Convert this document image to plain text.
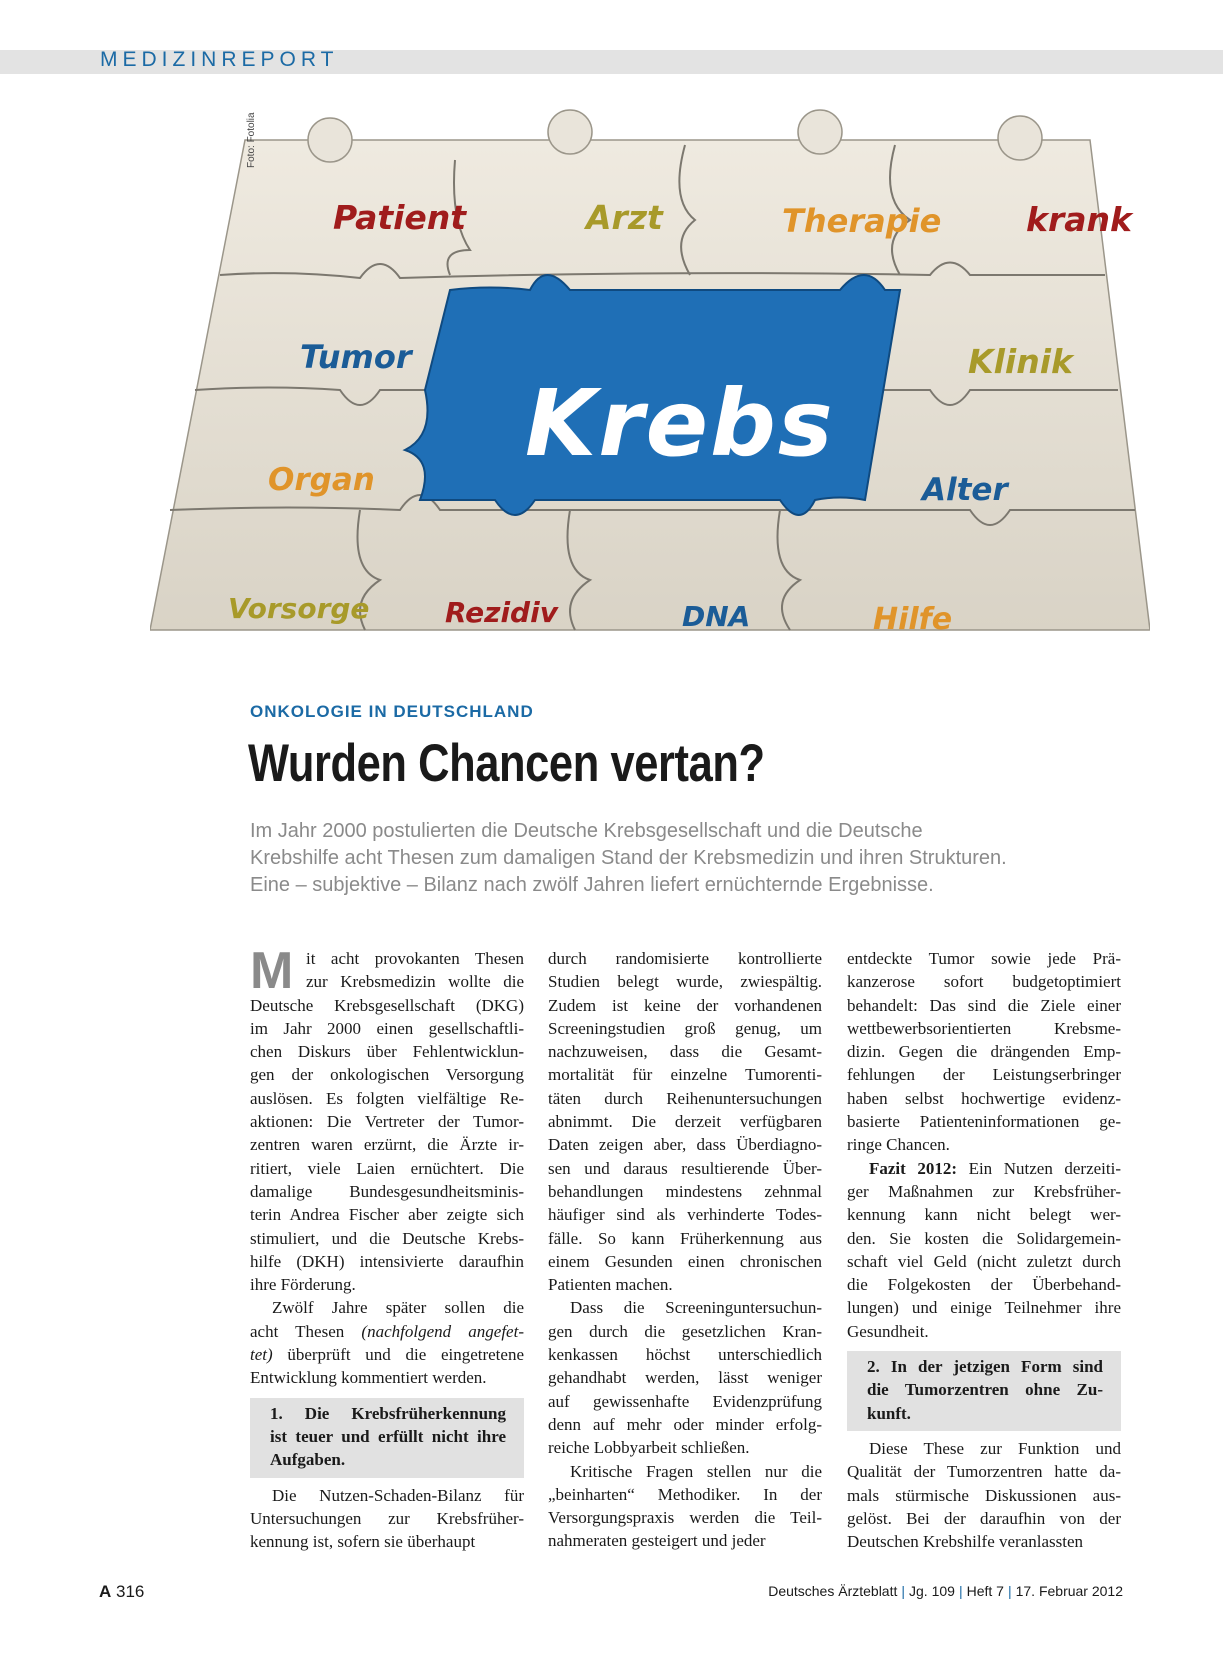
MEDIZINREPORT
Patient	Arzt	Therapie	krank
Tumor	Klinik
Organ	Alter
Vorsorge	Rezidiv	DNA	Hilfe
Krebs
Foto: Fotolia
ONKOLOGIE IN DEUTSCHLAND
Wurden Chancen vertan?
Im Jahr 2000 postulierten die Deutsche Krebsgesellschaft und die Deutsche
Krebshilfe acht Thesen zum damaligen Stand der Krebsmedizin und ihren Strukturen.
Eine – subjektive – Bilanz nach zwölf Jahren liefert ernüchternde Ergebnisse.
M it acht provokanten Thesen
zur Krebsmedizin wollte die
Deutsche Krebsgesellschaft (DKG)
im Jahr 2000 einen gesellschaftli-
chen Diskurs über Fehlentwicklun-
gen der onkologischen Versorgung
auslösen. Es folgten vielfältige Re-
aktionen: Die Vertreter der Tumor-
zentren waren erzürnt, die Ärzte ir-
ritiert, viele Laien ernüchtert. Die
damalige Bundesgesundheitsminis-
terin Andrea Fischer aber zeigte sich
stimuliert, und die Deutsche Krebs-
hilfe (DKH) intensivierte daraufhin
ihre Förderung.
Zwölf Jahre später sollen die
acht Thesen (nachfolgend angefet-
tet) überprüft und die eingetretene
Entwicklung kommentiert werden.
1. Die Krebsfrüherkennung
ist teuer und erfüllt nicht ihre
Aufgaben.
Die Nutzen-Schaden-Bilanz für
Untersuchungen zur Krebsfrüher-
kennung ist, sofern sie überhaupt
durch randomisierte kontrollierte
Studien belegt wurde, zwiespältig.
Zudem ist keine der vorhandenen
Screeningstudien groß genug, um
nachzuweisen, dass die Gesamt-
mortalität für einzelne Tumorenti-
täten durch Reihenuntersuchungen
abnimmt. Die derzeit verfügbaren
Daten zeigen aber, dass Überdiagno-
sen und daraus resultierende Über-
behandlungen mindestens zehnmal
häufiger sind als verhinderte Todes-
fälle. So kann Früherkennung aus
einem Gesunden einen chronischen
Patienten machen.
Dass die Screeninguntersuchun-
gen durch die gesetzlichen Kran-
kenkassen höchst unterschiedlich
gehandhabt werden, lässt weniger
auf gewissenhafte Evidenzprüfung
denn auf mehr oder minder erfolg-
reiche Lobbyarbeit schließen.
Kritische Fragen stellen nur die
„beinharten“ Methodiker. In der
Versorgungspraxis werden die Teil-
nahmeraten gesteigert und jeder
entdeckte Tumor sowie jede Prä-
kanzerose sofort budgetoptimiert
behandelt: Das sind die Ziele einer
wettbewerbsorientierten Krebsme-
dizin. Gegen die drängenden Emp-
fehlungen der Leistungserbringer
haben selbst hochwertige evidenz-
basierte Patienteninformationen ge-
ringe Chancen.
Fazit 2012: Ein Nutzen derzeiti-
ger Maßnahmen zur Krebsfrüher-
kennung kann nicht belegt wer-
den. Sie kosten die Solidargemein-
schaft viel Geld (nicht zuletzt durch
die Folgekosten der Überbehand-
lungen) und einige Teilnehmer ihre
Gesundheit.
2. In der jetzigen Form sind
die Tumorzentren ohne Zu-
kunft.
Diese These zur Funktion und
Qualität der Tumorzentren hatte da-
mals stürmische Diskussionen aus-
gelöst. Bei der daraufhin von der
Deutschen Krebshilfe veranlassten
A 316	Deutsches Ärzteblatt | Jg. 109 | Heft 7 | 17. Februar 2012
